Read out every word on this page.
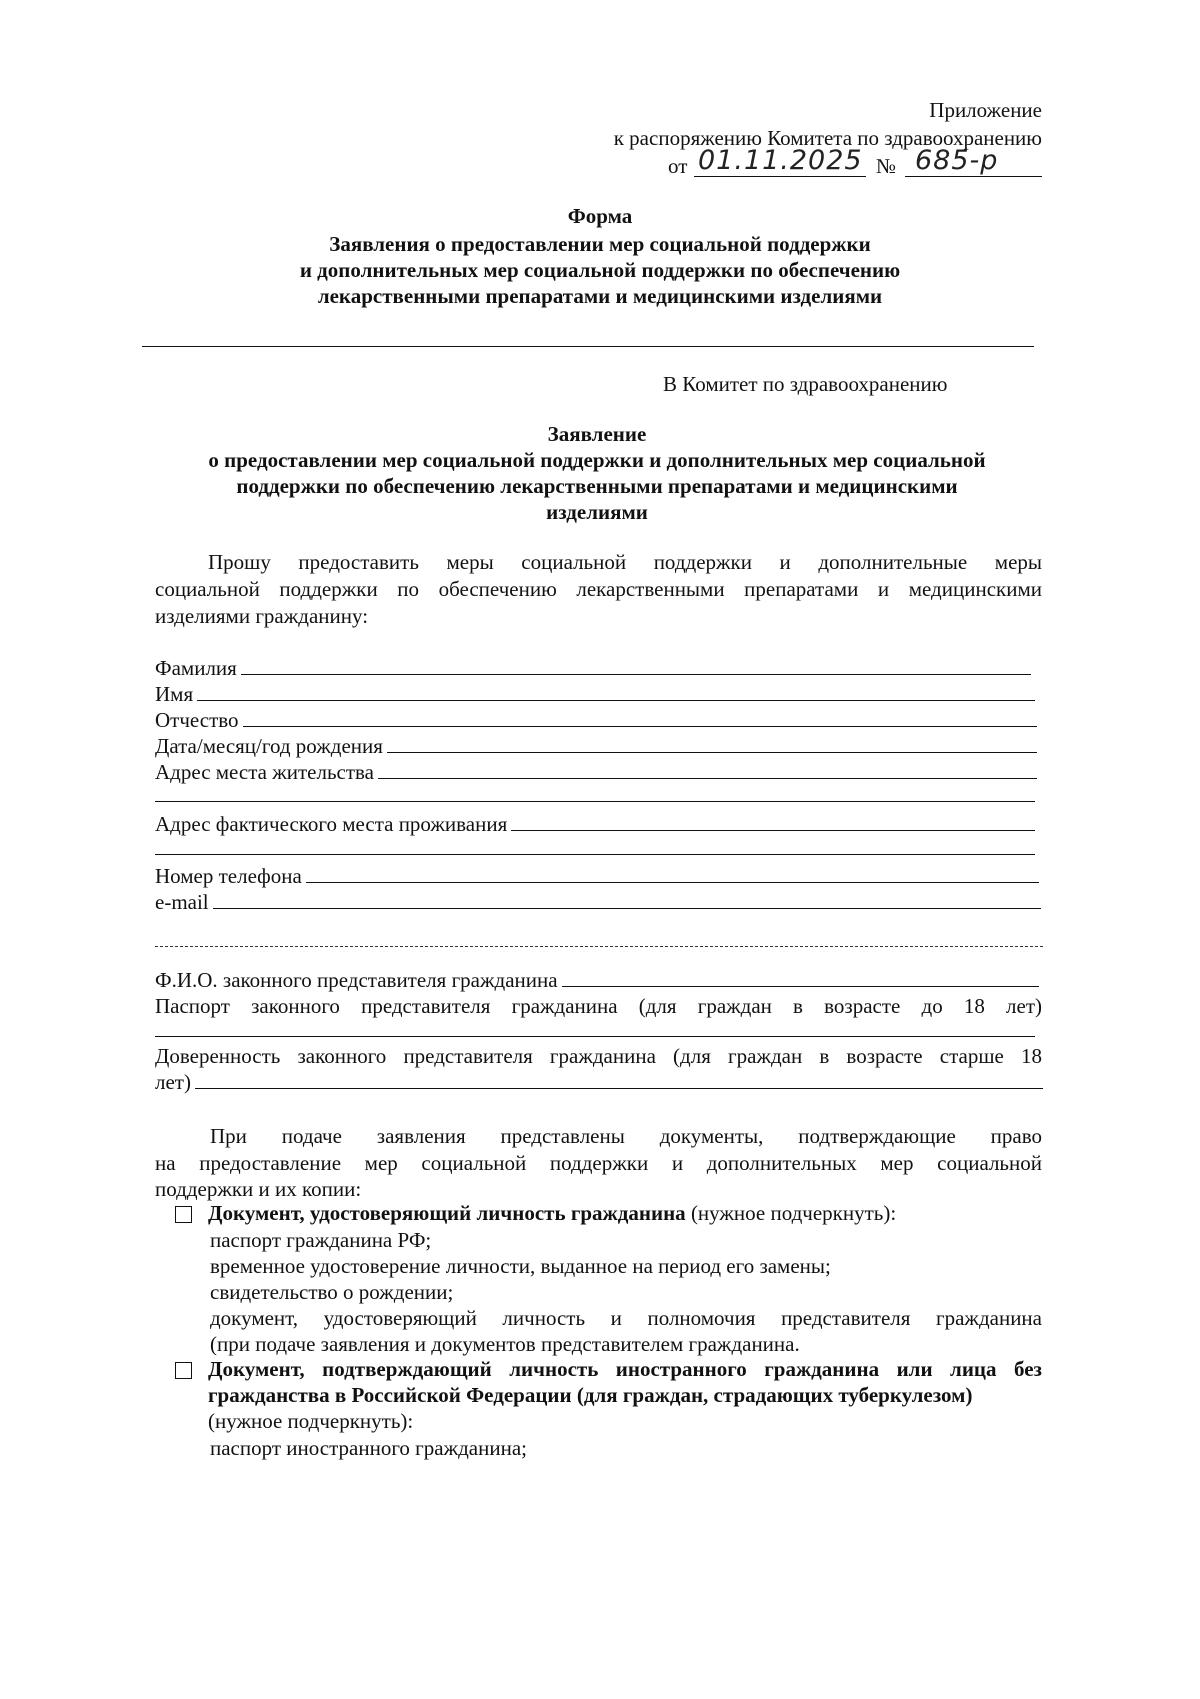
Приложение
к распоряжению Комитета по здравоохранению
от 01.11.2025 № 685-р
Форма
Заявления о предоставлении мер социальной поддержки
и дополнительных мер социальной поддержки по обеспечению
лекарственными препаратами и медицинскими изделиями
В Комитет по здравоохранению
Заявление
о предоставлении мер социальной поддержки и дополнительных мер социальной
поддержки по обеспечению лекарственными препаратами и медицинскими
изделиями
Прошу предоставить меры социальной поддержки и дополнительные меры
социальной поддержки по обеспечению лекарственными препаратами и медицинскими
изделиями гражданину:
Фамилия
Имя
Отчество
Дата/месяц/год рождения
Адрес места жительства
Адрес фактического места проживания
Номер телефона
e-mail
Ф.И.О. законного представителя гражданина
Паспорт законного представителя гражданина (для граждан в возрасте до 18 лет)
Доверенность законного представителя гражданина (для граждан в возрасте старше 18
лет)
При подаче заявления представлены документы, подтверждающие право
на предоставление мер социальной поддержки и дополнительных мер социальной
поддержки и их копии:
Документ, удостоверяющий личность гражданина (нужное подчеркнуть):
паспорт гражданина РФ;
временное удостоверение личности, выданное на период его замены;
свидетельство о рождении;
документ, удостоверяющий личность и полномочия представителя гражданина
(при подаче заявления и документов представителем гражданина.
Документ, подтверждающий личность иностранного гражданина или лица без
гражданства в Российской Федерации (для граждан, страдающих туберкулезом)
(нужное подчеркнуть):
паспорт иностранного гражданина;
